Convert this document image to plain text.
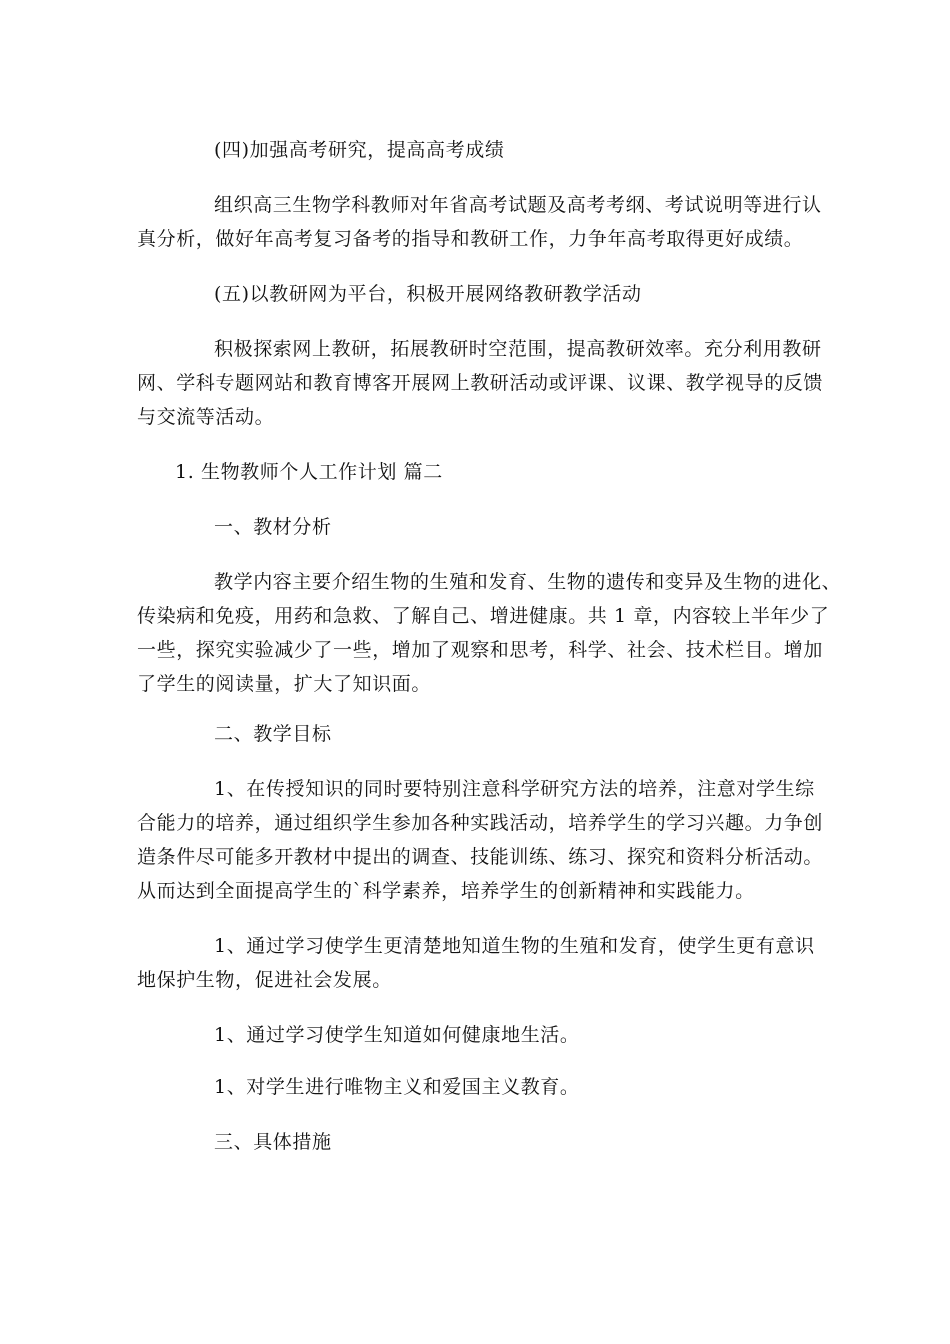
(四)加强高考研究，提高高考成绩

组织高三生物学科教师对年省高考试题及高考考纲、考试说明等进行认

真分析，做好年高考复习备考的指导和教研工作，力争年高考取得更好成绩。

(五)以教研网为平台，积极开展网络教研教学活动

积极探索网上教研，拓展教研时空范围，提高教研效率。充分利用教研

网、学科专题网站和教育博客开展网上教研活动或评课、议课、教学视导的反馈

与交流等活动。

1. 生物教师个人工作计划 篇二

一、教材分析

教学内容主要介绍生物的生殖和发育、生物的遗传和变异及生物的进化、

传染病和免疫，用药和急救、了解自己、增进健康。共 1 章，内容较上半年少了

一些，探究实验减少了一些，增加了观察和思考，科学、社会、技术栏目。增加

了学生的阅读量，扩大了知识面。

二、教学目标

1、在传授知识的同时要特别注意科学研究方法的培养，注意对学生综

合能力的培养，通过组织学生参加各种实践活动，培养学生的学习兴趣。力争创

造条件尽可能多开教材中提出的调查、技能训练、练习、探究和资料分析活动。

从而达到全面提高学生的`科学素养，培养学生的创新精神和实践能力。

1、通过学习使学生更清楚地知道生物的生殖和发育，使学生更有意识

地保护生物，促进社会发展。

1、通过学习使学生知道如何健康地生活。

1、对学生进行唯物主义和爱国主义教育。

三、具体措施
